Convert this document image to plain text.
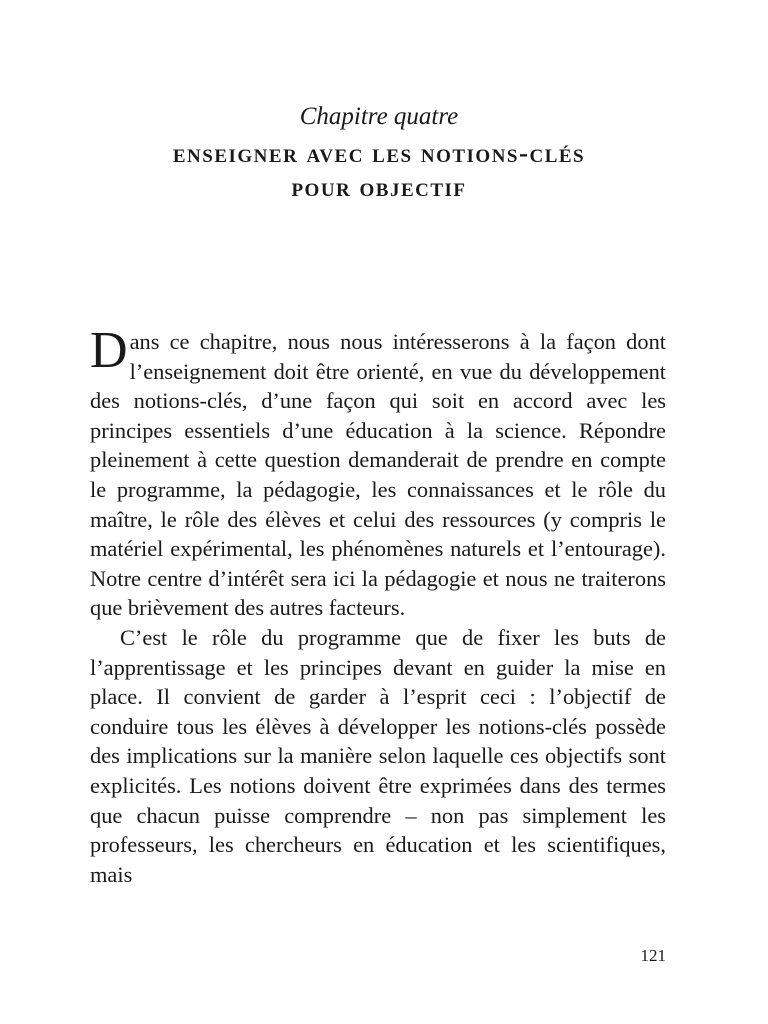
Chapitre quatre

enseigner avec les notions-clés
pour objectif

Dans ce chapitre, nous nous intéresserons à la façon dont l’enseignement doit être orienté, en vue du développement des notions-clés, d’une façon qui soit en accord avec les principes essentiels d’une éducation à la science. Répondre pleinement à cette question demanderait de prendre en compte le programme, la pédagogie, les connaissances et le rôle du maître, le rôle des élèves et celui des ressources (y compris le matériel expérimental, les phénomènes naturels et l’entourage). Notre centre d’intérêt sera ici la pédagogie et nous ne traiterons que brièvement des autres facteurs.

C’est le rôle du programme que de fixer les buts de l’apprentissage et les principes devant en guider la mise en place. Il convient de garder à l’esprit ceci : l’objectif de conduire tous les élèves à développer les notions-clés possède des implications sur la manière selon laquelle ces objectifs sont explicités. Les notions doivent être exprimées dans des termes que chacun puisse comprendre – non pas simplement les professeurs, les chercheurs en éducation et les scientifiques, mais

121
